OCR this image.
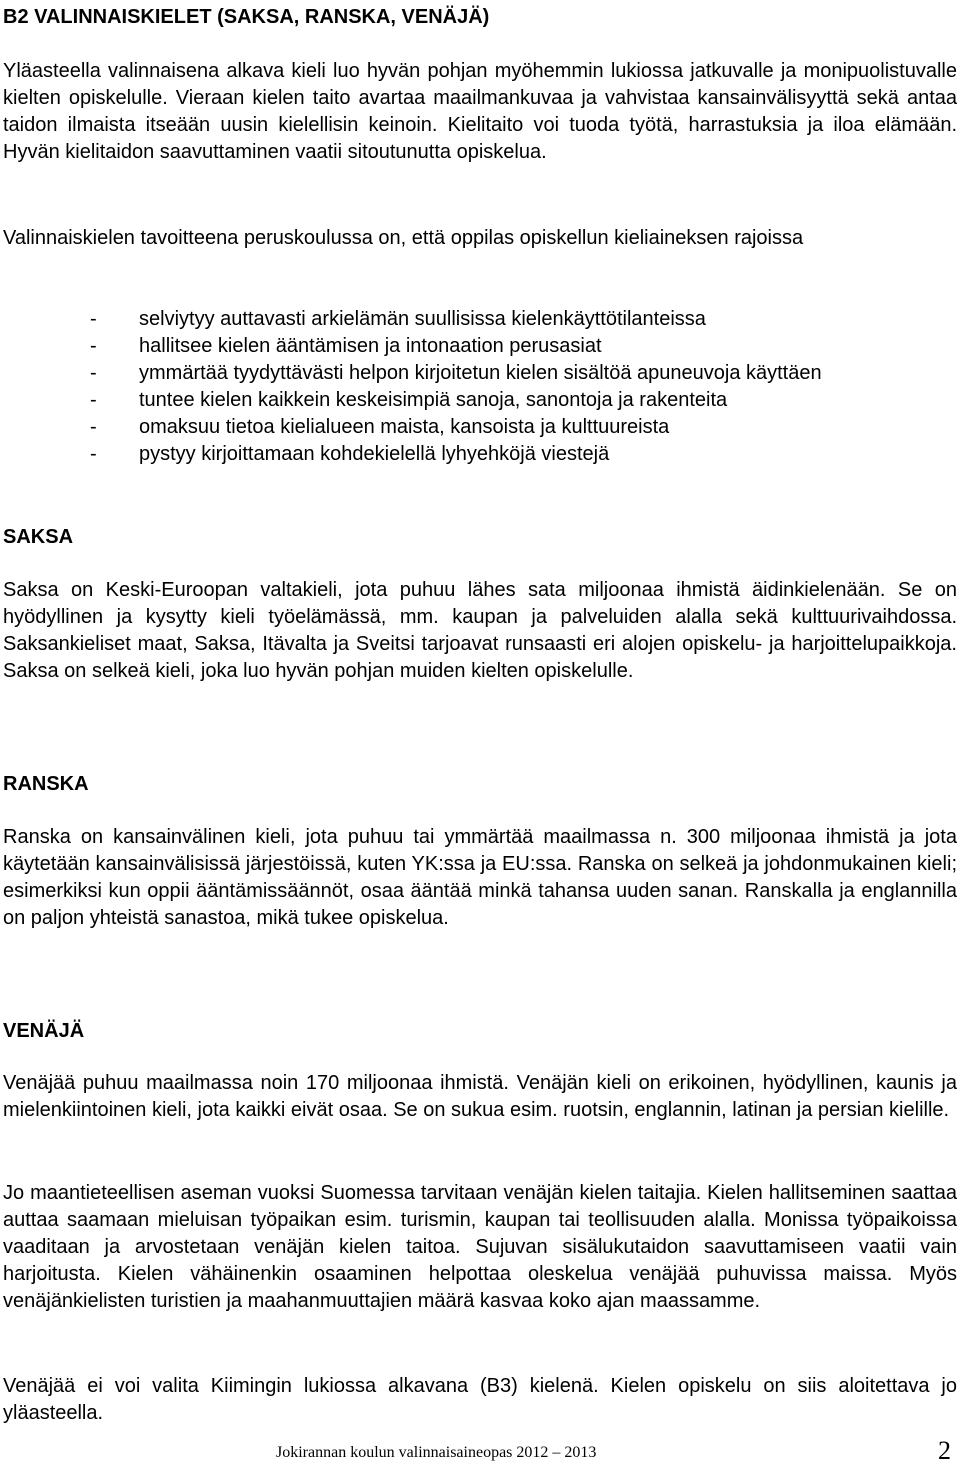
B2 VALINNAISKIELET (SAKSA, RANSKA, VENÄJÄ)

Yläasteella valinnaisena alkava kieli luo hyvän pohjan myöhemmin lukiossa jatkuvalle ja monipuolistuvalle kielten opiskelulle. Vieraan kielen taito avartaa maailmankuvaa ja vahvistaa kansainvälisyyttä sekä antaa taidon ilmaista itseään uusin kielellisin keinoin. Kielitaito voi tuoda työtä, harrastuksia ja iloa elämään. Hyvän kielitaidon saavuttaminen vaatii sitoutunutta opiskelua.

Valinnaiskielen tavoitteena peruskoulussa on, että oppilas opiskellun kieliaineksen rajoissa

- selviytyy auttavasti arkielämän suullisissa kielenkäyttötilanteissa
- hallitsee kielen ääntämisen ja intonaation perusasiat
- ymmärtää tyydyttävästi helpon kirjoitetun kielen sisältöä apuneuvoja käyttäen
- tuntee kielen kaikkein keskeisimpiä sanoja, sanontoja ja rakenteita
- omaksuu tietoa kielialueen maista, kansoista ja kulttuureista
- pystyy kirjoittamaan kohdekielellä lyhyehköjä viestejä
SAKSA

Saksa on Keski-Euroopan valtakieli, jota puhuu lähes sata miljoonaa ihmistä äidinkielenään. Se on hyödyllinen ja kysytty kieli työelämässä, mm. kaupan ja palveluiden alalla sekä kulttuurivaihdossa. Saksankieliset maat, Saksa, Itävalta ja Sveitsi tarjoavat runsaasti eri alojen opiskelu- ja harjoittelupaikkoja. Saksa on selkeä kieli, joka luo hyvän pohjan muiden kielten opiskelulle.

RANSKA

Ranska on kansainvälinen kieli, jota puhuu tai ymmärtää maailmassa n. 300 miljoonaa ihmistä ja jota käytetään kansainvälisissä järjestöissä, kuten YK:ssa ja EU:ssa. Ranska on selkeä ja johdonmukainen kieli; esimerkiksi kun oppii ääntämissäännöt, osaa ääntää minkä tahansa uuden sanan. Ranskalla ja englannilla on paljon yhteistä sanastoa, mikä tukee opiskelua.

VENÄJÄ

Venäjää puhuu maailmassa noin 170 miljoonaa ihmistä. Venäjän kieli on erikoinen, hyödyllinen, kaunis ja mielenkiintoinen kieli, jota kaikki eivät osaa. Se on sukua esim. ruotsin, englannin, latinan ja persian kielille.

Jo maantieteellisen aseman vuoksi Suomessa tarvitaan venäjän kielen taitajia. Kielen hallitseminen saattaa auttaa saamaan mieluisan työpaikan esim. turismin, kaupan tai teollisuuden alalla. Monissa työpaikoissa vaaditaan ja arvostetaan venäjän kielen taitoa. Sujuvan sisälukutaidon saavuttamiseen vaatii vain harjoitusta. Kielen vähäinenkin osaaminen helpottaa oleskelua venäjää puhuvissa maissa. Myös venäjänkielisten turistien ja maahanmuuttajien määrä kasvaa koko ajan maassamme.

Venäjää ei voi valita Kiimingin lukiossa alkavana (B3) kielenä. Kielen opiskelu on siis aloitettava jo yläasteella.

Jokirannan koulun valinnaisaineopas 2012 – 2013	2
